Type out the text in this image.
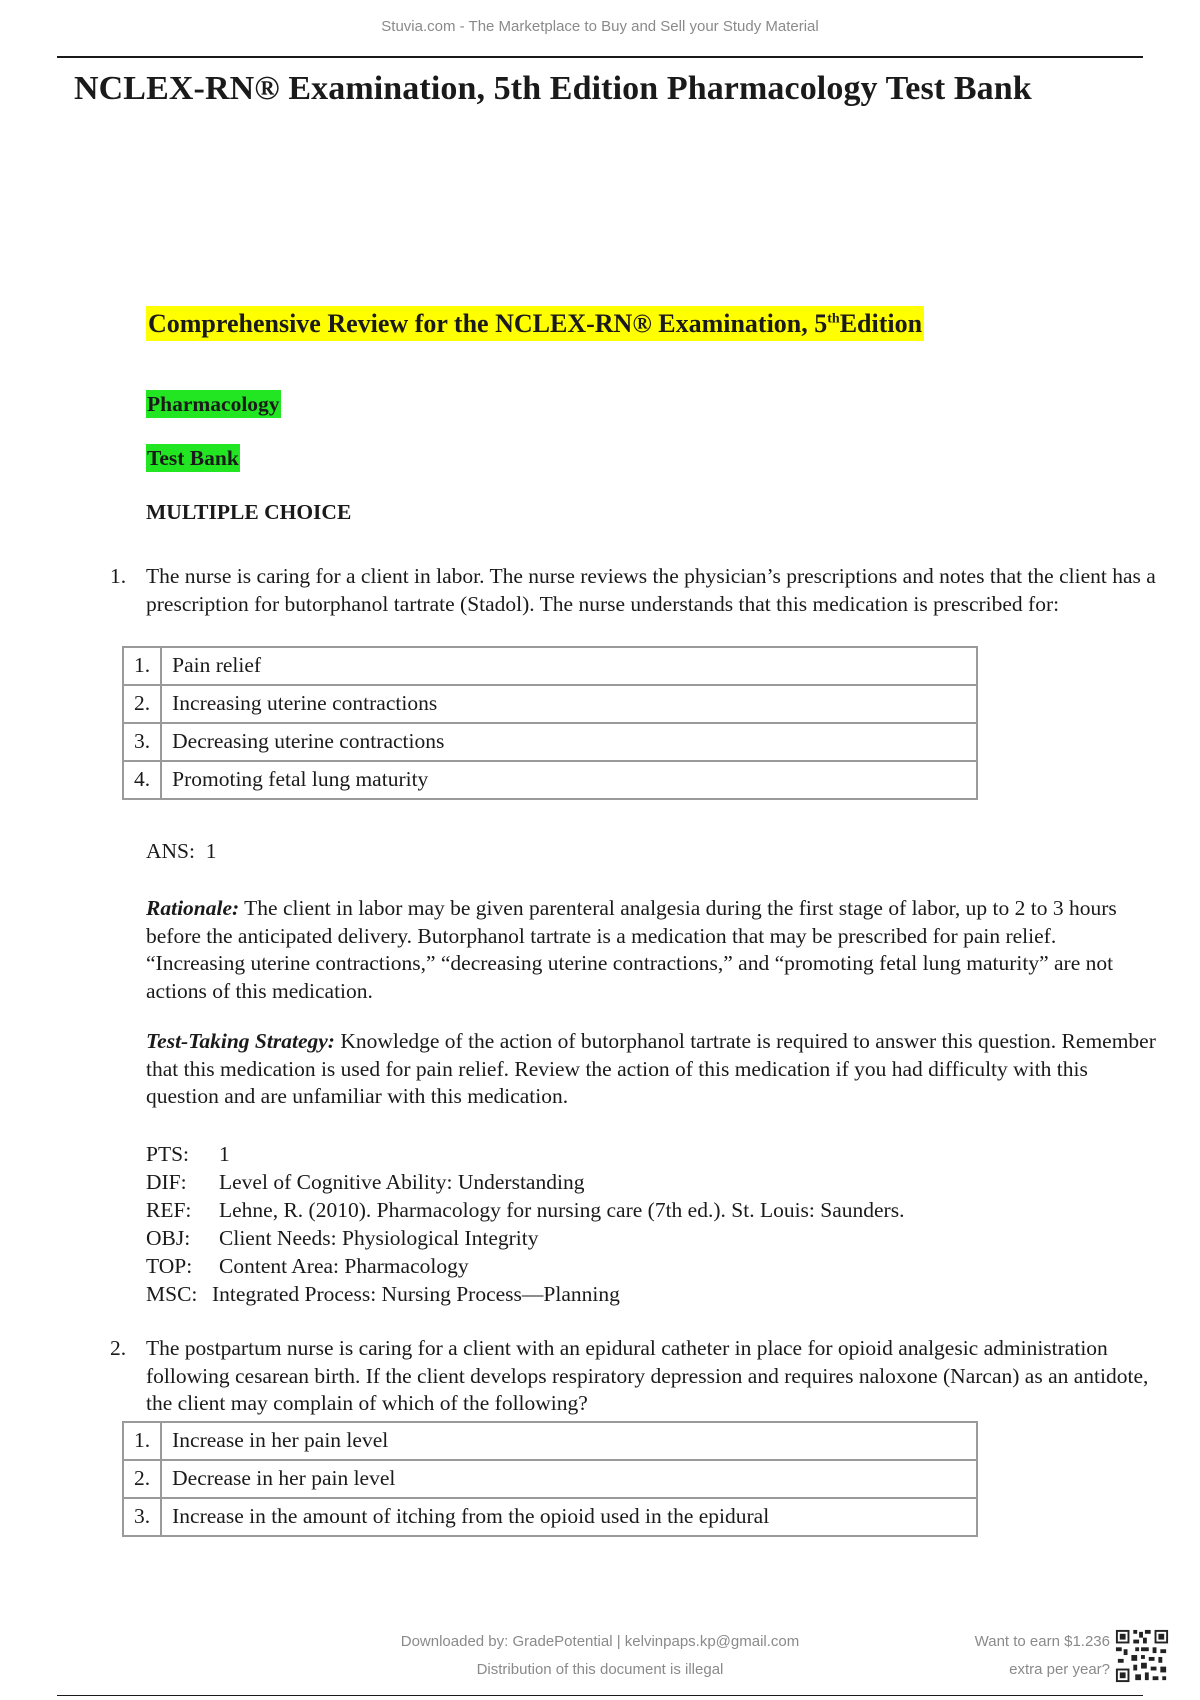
Stuvia.com - The Marketplace to Buy and Sell your Study Material
NCLEX-RN® Examination, 5th Edition Pharmacology Test Bank
Comprehensive Review for the NCLEX-RN® Examination, 5thEdition
Pharmacology
Test Bank
MULTIPLE CHOICE
1. The nurse is caring for a client in labor. The nurse reviews the physician’s prescriptions and notes that the client has a prescription for butorphanol tartrate (Stadol). The nurse understands that this medication is prescribed for:
1.	Pain relief
2.	Increasing uterine contractions
3.	Decreasing uterine contractions
4.	Promoting fetal lung maturity
ANS:  1
Rationale: The client in labor may be given parenteral analgesia during the first stage of labor, up to 2 to 3 hours before the anticipated delivery. Butorphanol tartrate is a medication that may be prescribed for pain relief. “Increasing uterine contractions,” “decreasing uterine contractions,” and “promoting fetal lung maturity” are not actions of this medication.
Test-Taking Strategy: Knowledge of the action of butorphanol tartrate is required to answer this question. Remember that this medication is used for pain relief. Review the action of this medication if you had difficulty with this question and are unfamiliar with this medication.
PTS:	1
DIF:	Level of Cognitive Ability: Understanding
REF:	Lehne, R. (2010). Pharmacology for nursing care (7th ed.). St. Louis: Saunders.
OBJ:	Client Needs: Physiological Integrity
TOP:	Content Area: Pharmacology
MSC: Integrated Process: Nursing Process—Planning
2. The postpartum nurse is caring for a client with an epidural catheter in place for opioid analgesic administration following cesarean birth. If the client develops respiratory depression and requires naloxone (Narcan) as an antidote, the client may complain of which of the following?
1.	Increase in her pain level
2.	Decrease in her pain level
3.	Increase in the amount of itching from the opioid used in the epidural
Downloaded by: GradePotential | kelvinpaps.kp@gmail.com
Distribution of this document is illegal
Want to earn $1.236
extra per year?
